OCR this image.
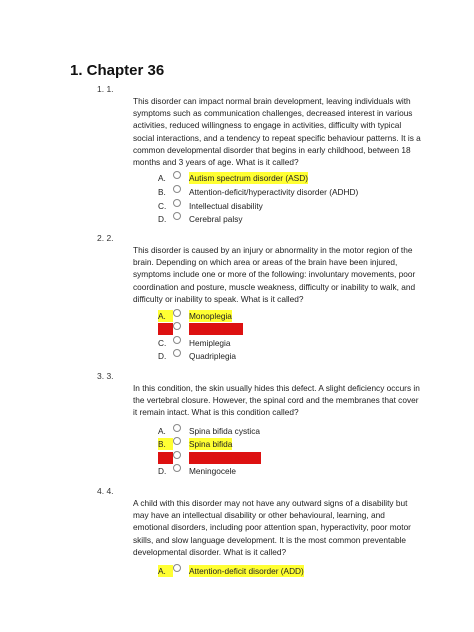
1. Chapter 36
1. 1.
This disorder can impact normal brain development, leaving individuals with symptoms such as communication challenges, decreased interest in various activities, reduced willingness to engage in activities, difficulty with typical social interactions, and a tendency to repeat specific behaviour patterns. It is a common developmental disorder that begins in early childhood, between 18 months and 3 years of age. What is it called?
A.	Autism spectrum disorder (ASD)
B.	Attention-deficit/hyperactivity disorder (ADHD)
C.	Intellectual disability
D.	Cerebral palsy
2. 2.
This disorder is caused by an injury or abnormality in the motor region of the brain. Depending on which area or areas of the brain have been injured, symptoms include one or more of the following: involuntary movements, poor coordination and posture, muscle weakness, difficulty or inability to walk, and difficulty or inability to speak. What is it called?
A.	Monoplegia
B.	Cerebral palsy
C.	Hemiplegia
D.	Quadriplegia
3. 3.
In this condition, the skin usually hides this defect. A slight deficiency occurs in the vertebral closure. However, the spinal cord and the membranes that cover it remain intact. What is this condition called?
A.	Spina bifida cystica
B.	Spina bifida
C.	Spina bifida occulta
D.	Meningocele
4. 4.
A child with this disorder may not have any outward signs of a disability but may have an intellectual disability or other behavioural, learning, and emotional disorders, including poor attention span, hyperactivity, poor motor skills, and slow language development. It is the most common preventable developmental disorder. What is it called?
A.	Attention-deficit disorder (ADD)
